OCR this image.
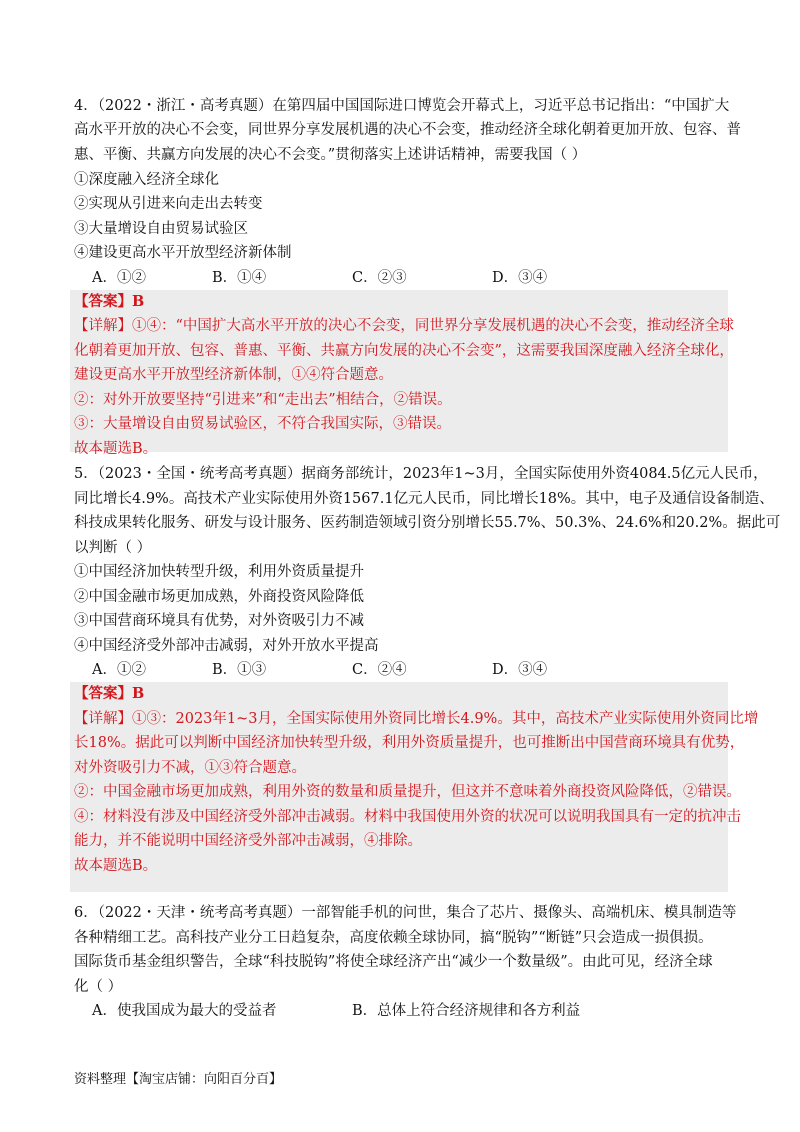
4．（2022・浙江・高考真题）在第四届中国国际进口博览会开幕式上，习近平总书记指出：“中国扩大
高水平开放的决心不会变，同世界分享发展机遇的决心不会变，推动经济全球化朝着更加开放、包容、普
惠、平衡、共赢方向发展的决心不会变。”贯彻落实上述讲话精神，需要我国（ ）
①深度融入经济全球化
②实现从引进来向走出去转变
③大量增设自由贸易试验区
④建设更高水平开放型经济新体制
A．①②	B．①④	C．②③	D．③④
【答案】B
【详解】①④：“中国扩大高水平开放的决心不会变，同世界分享发展机遇的决心不会变，推动经济全球
化朝着更加开放、包容、普惠、平衡、共赢方向发展的决心不会变”，这需要我国深度融入经济全球化，
建设更高水平开放型经济新体制，①④符合题意。
②：对外开放要坚持“引进来”和“走出去”相结合，②错误。
③：大量增设自由贸易试验区，不符合我国实际，③错误。
故本题选B。
5．（2023・全国・统考高考真题）据商务部统计，2023年1~3月，全国实际使用外资4084.5亿元人民币，
同比增长4.9%。高技术产业实际使用外资1567.1亿元人民币，同比增长18%。其中，电子及通信设备制造、
科技成果转化服务、研发与设计服务、医药制造领域引资分别增长55.7%、50.3%、24.6%和20.2%。据此可
以判断（ ）
①中国经济加快转型升级，利用外资质量提升
②中国金融市场更加成熟，外商投资风险降低
③中国营商环境具有优势，对外资吸引力不减
④中国经济受外部冲击减弱，对外开放水平提高
A．①②	B．①③	C．②④	D．③④
【答案】B
【详解】①③：2023年1~3月，全国实际使用外资同比增长4.9%。其中，高技术产业实际使用外资同比增
长18%。据此可以判断中国经济加快转型升级，利用外资质量提升，也可推断出中国营商环境具有优势，
对外资吸引力不减，①③符合题意。
②：中国金融市场更加成熟，利用外资的数量和质量提升，但这并不意味着外商投资风险降低，②错误。
④：材料没有涉及中国经济受外部冲击减弱。材料中我国使用外资的状况可以说明我国具有一定的抗冲击
能力，并不能说明中国经济受外部冲击减弱，④排除。
故本题选B。
6．（2022・天津・统考高考真题）一部智能手机的问世，集合了芯片、摄像头、高端机床、模具制造等
各种精细工艺。高科技产业分工日趋复杂，高度依赖全球协同，搞“脱钩”“断链”只会造成一损俱损。
国际货币基金组织警告，全球“科技脱钩”将使全球经济产出“减少一个数量级”。由此可见，经济全球
化（ ）
A．使我国成为最大的受益者	B．总体上符合经济规律和各方利益
资料整理【淘宝店铺：向阳百分百】
